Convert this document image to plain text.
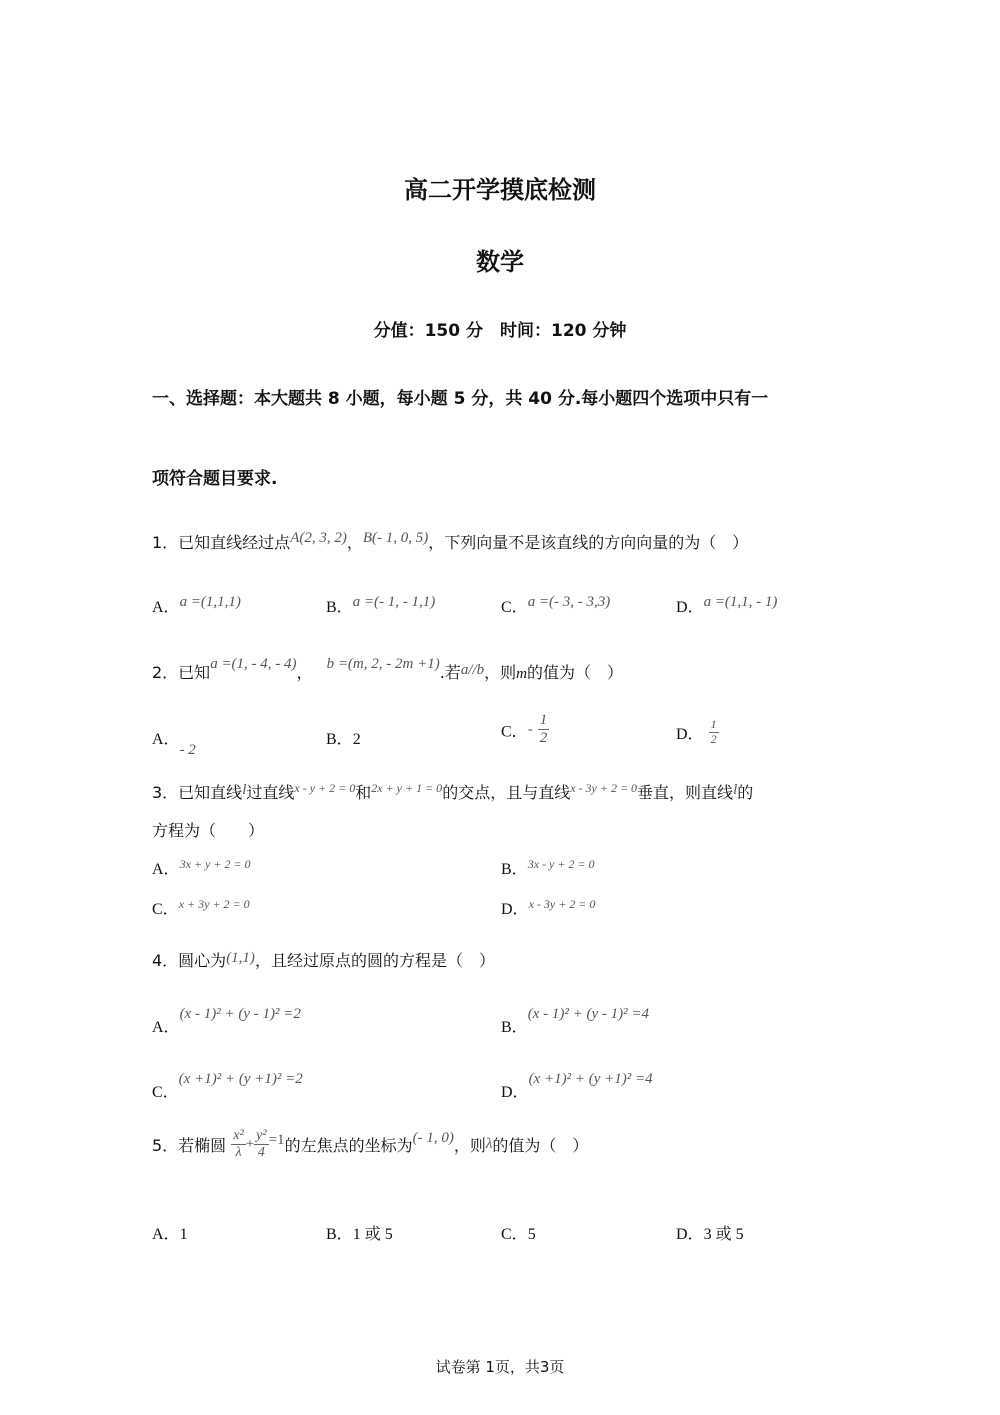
高二开学摸底检测
数学
分值：150 分　时间：120 分钟
一、选择题：本大题共 8 小题，每小题 5 分，共 40 分.每小题四个选项中只有一
项符合题目要求.
1．已知直线经过点A(2, 3, 2)，B(- 1, 0, 5)，下列向量不是该直线的方向向量的为（　）
A．a =(1,1,1)	B．a =(- 1, - 1,1)	C．a =(- 3, - 3,3)	D．a =(1,1, - 1)
2．已知a =(1, - 4, - 4)， b =(m, 2, - 2m +1).若a//b，则m的值为（　）
A．- 2
B．2	C．- $\frac{1}{2}$	D． $\frac{1}{2}$
3．已知直线l过直线$^{x - y + 2 = 0}$和$^{2x + y + 1 = 0}$的交点，且与直线$^{x - 3y + 2 = 0}$垂直，则直线l的
方程为（　　）
A．$^{3x + y + 2 = 0}$	B．$^{3x - y + 2 = 0}$
C．$^{x + 3y + 2 = 0}$	D．$^{x - 3y + 2 = 0}$
4．圆心为(1,1)，且经过原点的圆的方程是（　）
A．(x - 1)² + (y - 1)² =2
B．(x - 1)² + (y - 1)² =4
C．(x +1)² + (y +1)² =2
D．(x +1)² + (y +1)² =4
5．若椭圆 $\frac{\text{x²}}{\lambda} + \frac{\text{y²}}{4} =1$的左焦点的坐标为(- 1, 0)，则λ的值为（　）
A．1	B．1 或 5	C．5	D．3 或 5
试卷第 1页，共3页
